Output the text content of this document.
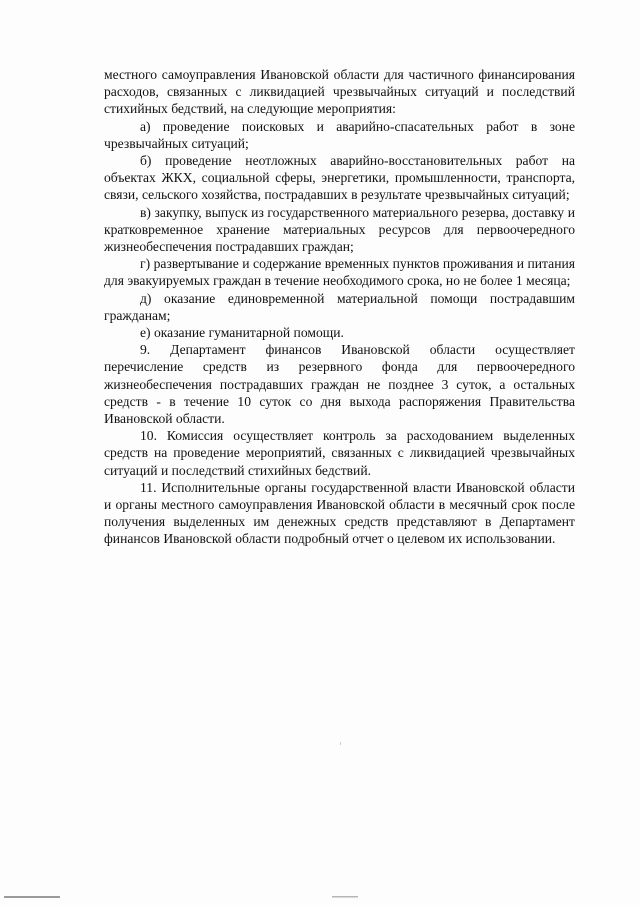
местного самоуправления Ивановской области для частичного финансирования расходов, связанных с ликвидацией чрезвычайных ситуаций и последствий стихийных бедствий, на следующие мероприятия:

а) проведение поисковых и аварийно-спасательных работ в зоне чрезвычайных ситуаций;

б) проведение неотложных аварийно-восстановительных работ на объектах ЖКХ, социальной сферы, энергетики, промышленности, транспорта, связи, сельского хозяйства, пострадавших в результате чрезвычайных ситуаций;

в) закупку, выпуск из государственного материального резерва, доставку и кратковременное хранение материальных ресурсов для первоочередного жизнеобеспечения пострадавших граждан;

г) развертывание и содержание временных пунктов проживания и питания для эвакуируемых граждан в течение необходимого срока, но не более 1 месяца;

д) оказание единовременной материальной помощи пострадавшим гражданам;

е) оказание гуманитарной помощи.

9. Департамент финансов Ивановской области осуществляет перечисление средств из резервного фонда для первоочередного жизнеобеспечения пострадавших граждан не позднее 3 суток, а остальных средств - в течение 10 суток со дня выхода распоряжения Правительства Ивановской области.

10. Комиссия осуществляет контроль за расходованием выделенных средств на проведение мероприятий, связанных с ликвидацией чрезвычайных ситуаций и последствий стихийных бедствий.

11. Исполнительные органы государственной власти Ивановской области и органы местного самоуправления Ивановской области в месячный срок после получения выделенных им денежных средств представляют в Департамент финансов Ивановской области подробный отчет о целевом их использовании.
